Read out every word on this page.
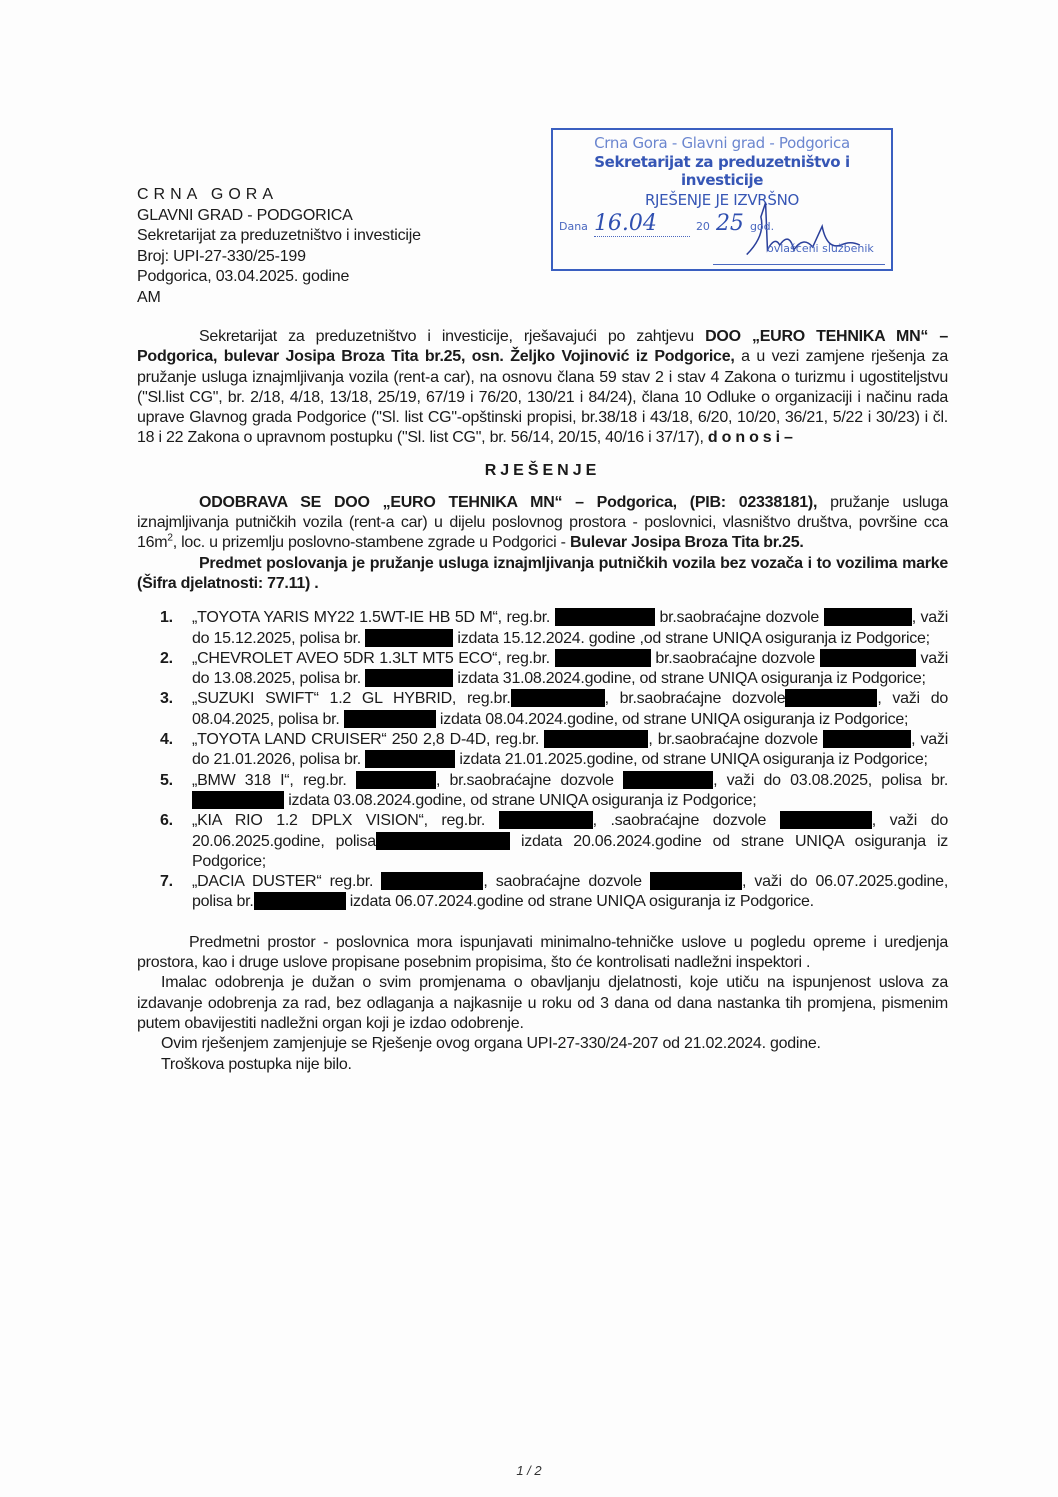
CRNA GORA
GLAVNI GRAD - PODGORICA
Sekretarijat za preduzetništvo i investicije
Broj: UPI-27-330/25-199
Podgorica, 03.04.2025. godine
AM
Crna Gora - Glavni grad - Podgorica
Sekretarijat za preduzetništvo i investicije
RJEŠENJE JE IZVRŠNO
Dana 16.04	20 25 god.
ovlašćeni službenik
Sekretarijat za preduzetništvo i investicije, rješavajući po zahtjevu DOO „EURO TEHNIKA MN“ – Podgorica, bulevar Josipa Broza Tita br.25, osn. Željko Vojinović iz Podgorice, a u vezi zamjene rješenja za pružanje usluga iznajmljivanja vozila (rent-a car), na osnovu člana 59 stav 2 i stav 4 Zakona o turizmu i ugostiteljstvu ("Sl.list CG", br. 2/18, 4/18, 13/18, 25/19, 67/19 i 76/20, 130/21 i 84/24), člana 10 Odluke o organizaciji i načinu rada uprave Glavnog grada Podgorice ("Sl. list CG"-opštinski propisi, br.38/18 i 43/18, 6/20, 10/20, 36/21, 5/22 i 30/23) i čl. 18 i 22 Zakona o upravnom postupku ("Sl. list CG", br. 56/14, 20/15, 40/16 i 37/17), d o n o s i –
RJEŠENJE
ODOBRAVA SE DOO „EURO TEHNIKA MN“ – Podgorica, (PIB: 02338181), pružanje usluga iznajmljivanja putničkih vozila (rent-a car) u dijelu poslovnog prostora - poslovnici, vlasništvo društva, površine cca $16m^2$, loc. u prizemlju poslovno-stambene zgrade u Podgorici - Bulevar Josipa Broza Tita br.25.
Predmet poslovanja je pružanje usluga iznajmljivanja putničkih vozila bez vozača i to vozilima marke (Šifra djelatnosti: 77.11) .
1. „TOYOTA YARIS MY22 1.5WT-IE HB 5D M“, reg.br.	br.saobraćajne dozvole	, važi do 15.12.2025, polisa br.	izdata 15.12.2024. godine ,od strane UNIQA osiguranja iz Podgorice;
2. „CHEVROLET AVEO 5DR 1.3LT MT5 ECO“, reg.br.	br.saobraćajne dozvole	važi do 13.08.2025, polisa br.	izdata 31.08.2024.godine, od strane UNIQA osiguranja iz Podgorice;
3. „SUZUKI SWIFT“ 1.2 GL HYBRID, reg.br.	, br.saobraćajne dozvole	, važi do 08.04.2025, polisa br.	izdata 08.04.2024.godine, od strane UNIQA osiguranja iz Podgorice;
4. „TOYOTA LAND CRUISER“ 250 2,8 D-4D, reg.br.	, br.saobraćajne dozvole	, važi do 21.01.2026, polisa br.	izdata 21.01.2025.godine, od strane UNIQA osiguranja iz Podgorice;
5. „BMW 318 I“, reg.br.	, br.saobraćajne dozvole	, važi do 03.08.2025, polisa br. izdata 03.08.2024.godine, od strane UNIQA osiguranja iz Podgorice;
6. „KIA RIO 1.2 DPLX VISION“, reg.br.	, .saobraćajne dozvole	, važi do 20.06.2025.godine, polisa	izdata 20.06.2024.godine od strane UNIQA osiguranja iz Podgorice;
7. „DACIA DUSTER“ reg.br.	, saobraćajne dozvole	, važi do 06.07.2025.godine, polisa br.	izdata 06.07.2024.godine od strane UNIQA osiguranja iz Podgorice.
Predmetni prostor - poslovnica mora ispunjavati minimalno-tehničke uslove u pogledu opreme i uredjenja prostora, kao i druge uslove propisane posebnim propisima, što će kontrolisati nadležni inspektori .
Imalac odobrenja je dužan o svim promjenama o obavljanju djelatnosti, koje utiču na ispunjenost uslova za izdavanje odobrenja za rad, bez odlaganja a najkasnije u roku od 3 dana od dana nastanka tih promjena, pismenim putem obavijestiti nadležni organ koji je izdao odobrenje.
Ovim rješenjem zamjenjuje se Rješenje ovog organa UPI-27-330/24-207 od 21.02.2024. godine.
Troškova postupka nije bilo.
1 / 2
